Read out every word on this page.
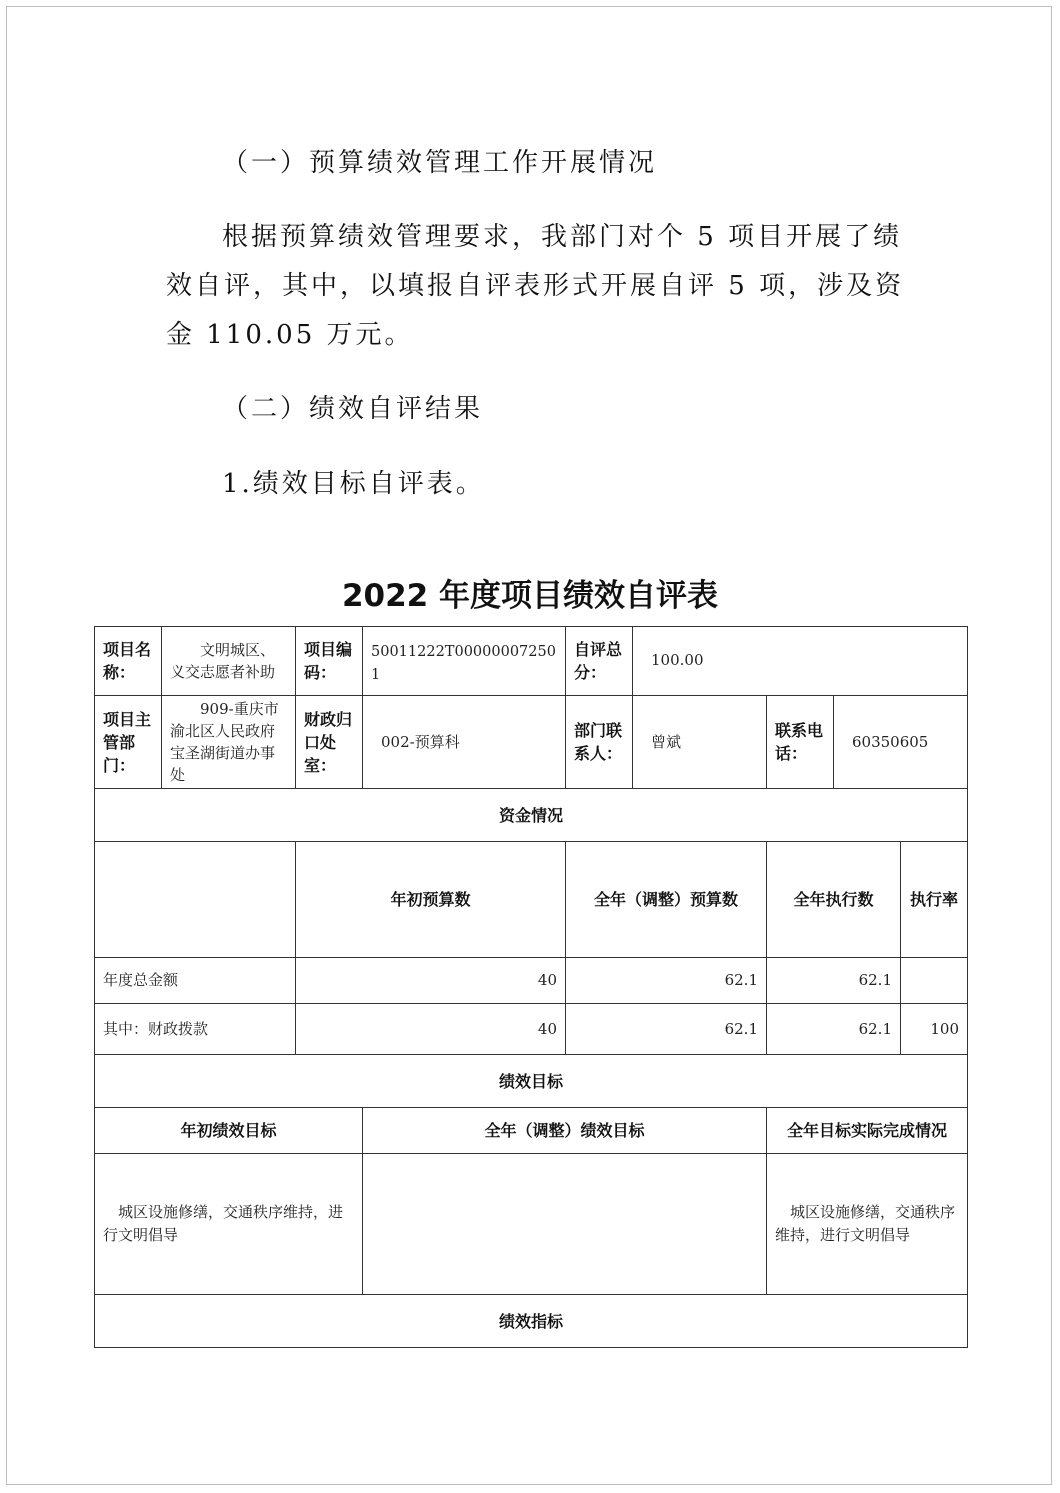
（一）预算绩效管理工作开展情况
根据预算绩效管理要求，我部门对个 5 项目开展了绩
效自评，其中，以填报自评表形式开展自评 5 项，涉及资
金 110.05 万元。
（二）绩效自评结果
1.绩效目标自评表。
2022 年度项目绩效自评表
项目名称：	文明城区、义交志愿者补助	项目编码：	50011222T000000072501	自评总分：	100.00				
项目主管部门：	909-重庆市渝北区人民政府宝圣湖街道办事处	财政归口处室：	002-预算科	部门联系人：	曾斌	联系电话：	60350605		
资金情况									
		年初预算数		全年（调整）预算数		全年执行数		执行率		
年度总金额		40		62.1		62.1			
其中：财政拨款		40		62.1		62.1		100		
绩效目标									
年初绩效目标			全年（调整）绩效目标			全年目标实际完成情况			
城区设施修缮，交通秩序维持，进行文明倡导						城区设施修缮，交通秩序维持，进行文明倡导			
绩效指标									
